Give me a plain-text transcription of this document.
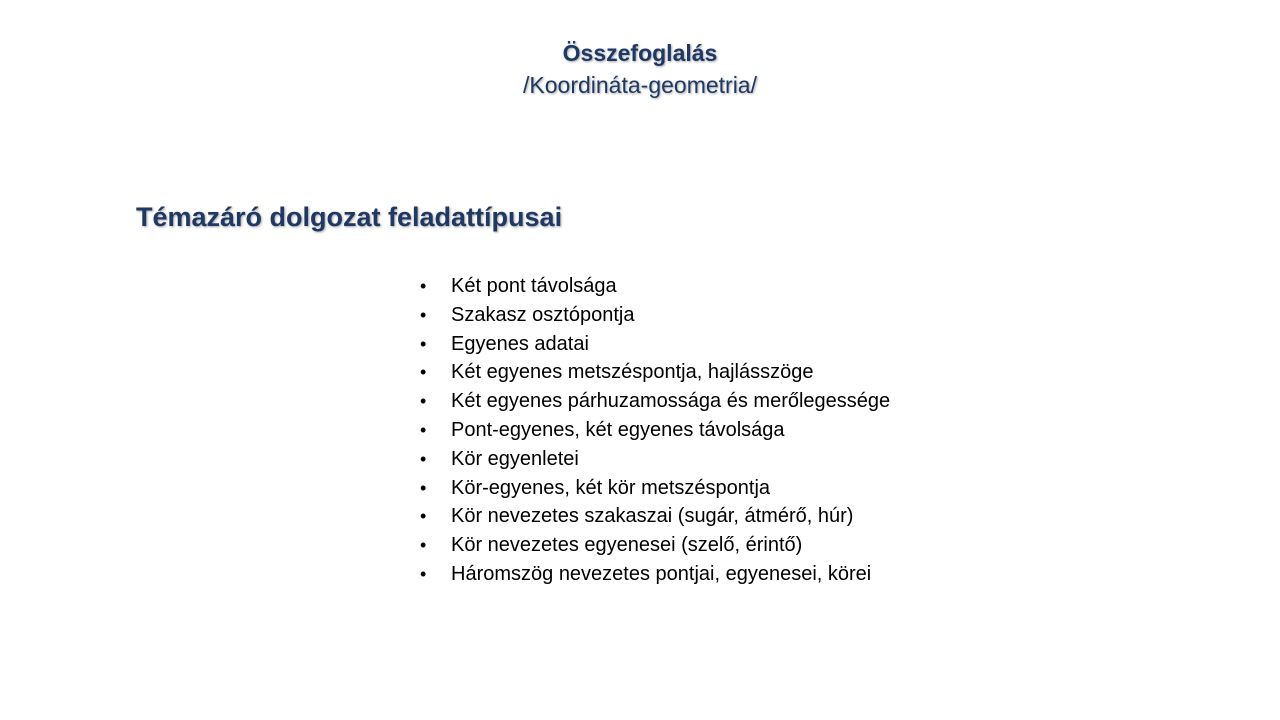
Összefoglalás
/Koordináta-geometria/
Témazáró dolgozat feladattípusai
• Két pont távolsága
• Szakasz osztópontja
• Egyenes adatai
• Két egyenes metszéspontja, hajlásszöge
• Két egyenes párhuzamossága és merőlegessége
• Pont-egyenes, két egyenes távolsága
• Kör egyenletei
• Kör-egyenes, két kör metszéspontja
• Kör nevezetes szakaszai (sugár, átmérő, húr)
• Kör nevezetes egyenesei (szelő, érintő)
• Háromszög nevezetes pontjai, egyenesei, körei
